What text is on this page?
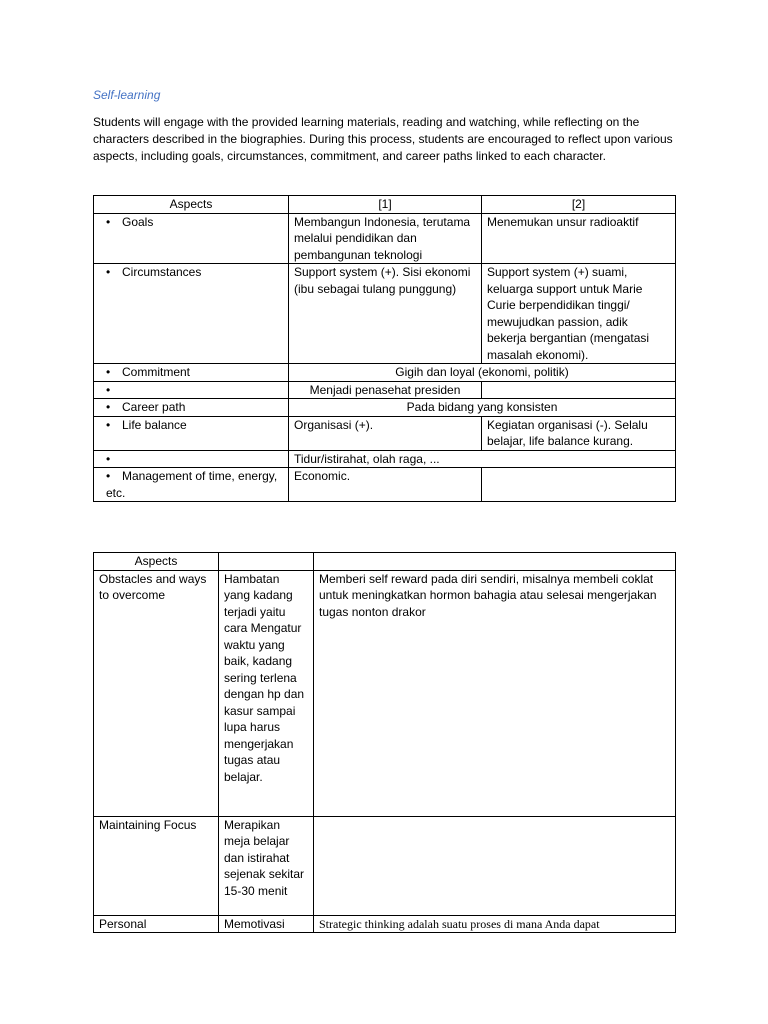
Self-learning

Students will engage with the provided learning materials, reading and watching, while reflecting on the characters described in the biographies. During this process, students are encouraged to reflect upon various aspects, including goals, circumstances, commitment, and career paths linked to each character.

Aspects	[1]	[2]
• Goals	Membangun Indonesia, terutama melalui pendidikan dan pembangunan teknologi	Menemukan unsur radioaktif
• Circumstances	Support system (+). Sisi ekonomi (ibu sebagai tulang punggung)	Support system (+) suami, keluarga support untuk Marie Curie berpendidikan tinggi/ mewujudkan passion, adik bekerja bergantian (mengatasi masalah ekonomi).
• Commitment	Gigih dan loyal (ekonomi, politik)	
•	Menjadi penasehat presiden	
• Career path	Pada bidang yang konsisten	
• Life balance	Organisasi (+).	Kegiatan organisasi (-). Selalu belajar, life balance kurang.
•	Tidur/istirahat, olah raga, ...	
• Management of time, energy, etc.	Economic.	
Aspects		
Obstacles and ways to overcome	Hambatan yang kadang terjadi yaitu cara Mengatur waktu yang baik, kadang sering terlena dengan hp dan kasur sampai lupa harus mengerjakan tugas atau belajar.	Memberi self reward pada diri sendiri, misalnya membeli coklat untuk meningkatkan hormon bahagia atau selesai mengerjakan tugas nonton drakor
Maintaining Focus	Merapikan meja belajar dan istirahat sejenak sekitar 15-30 menit	
Personal	Memotivasi	Strategic thinking adalah suatu proses di mana Anda dapat
